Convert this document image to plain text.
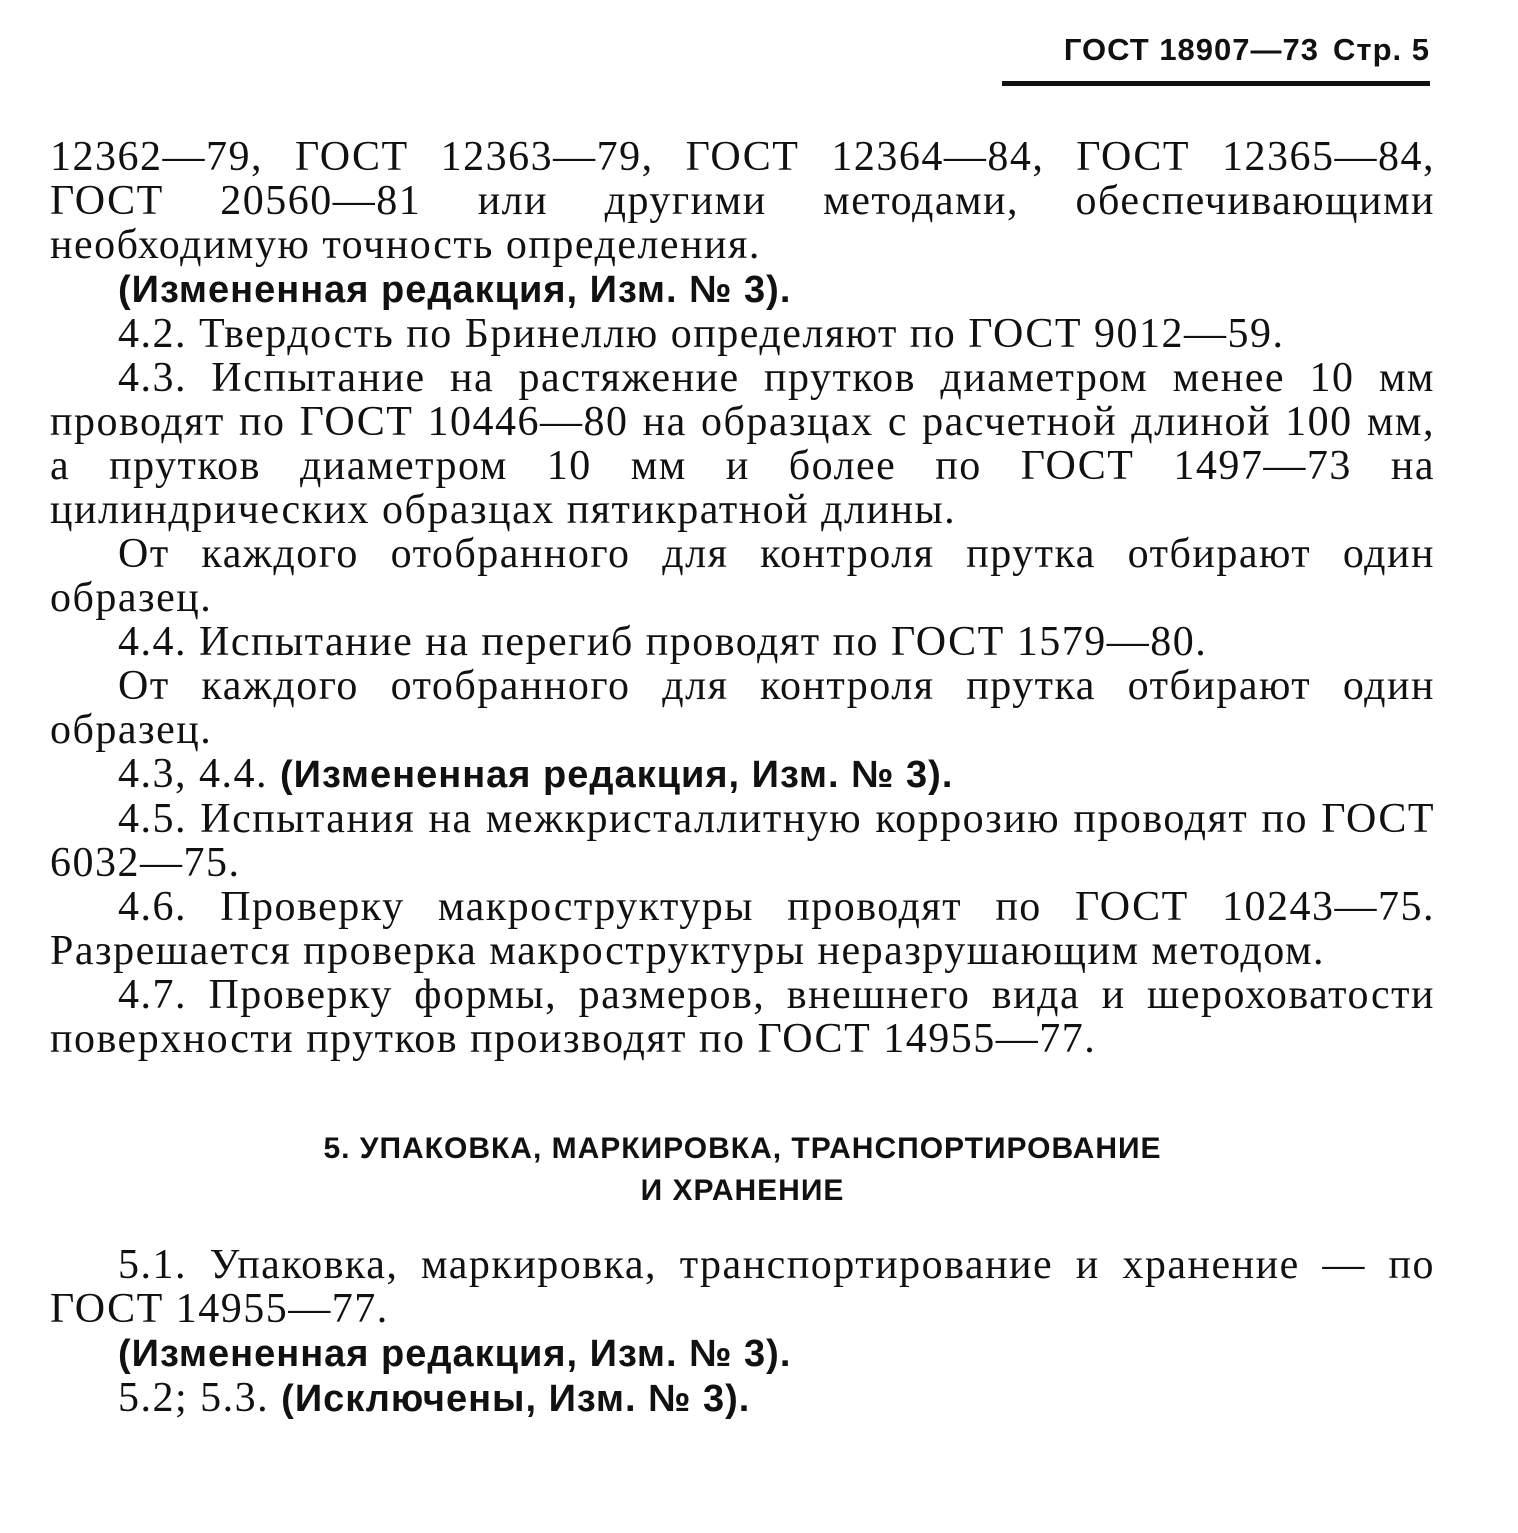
ГОСТ 18907—73 Стр. 5

12362—79, ГОСТ 12363—79, ГОСТ 12364—84, ГОСТ 12365—84, ГОСТ 20560—81 или другими методами, обеспечивающими необходимую точность определения.

(Измененная редакция, Изм. № 3).

4.2. Твердость по Бринеллю определяют по ГОСТ 9012—59.

4.3. Испытание на растяжение прутков диаметром менее 10 мм проводят по ГОСТ 10446—80 на образцах с расчетной длиной 100 мм, а прутков диаметром 10 мм и более по ГОСТ 1497—73 на цилиндрических образцах пятикратной длины.

От каждого отобранного для контроля прутка отбирают один образец.

4.4. Испытание на перегиб проводят по ГОСТ 1579—80.

От каждого отобранного для контроля прутка отбирают один образец.

4.3, 4.4. (Измененная редакция, Изм. № 3).

4.5. Испытания на межкристаллитную коррозию проводят по ГОСТ 6032—75.

4.6. Проверку макроструктуры проводят по ГОСТ 10243—75. Разрешается проверка макроструктуры неразрушающим методом.

4.7. Проверку формы, размеров, внешнего вида и шероховатости поверхности прутков производят по ГОСТ 14955—77.

5. УПАКОВКА, МАРКИРОВКА, ТРАНСПОРТИРОВАНИЕ
И ХРАНЕНИЕ

5.1. Упаковка, маркировка, транспортирование и хранение — по ГОСТ 14955—77.

(Измененная редакция, Изм. № 3).

5.2; 5.3. (Исключены, Изм. № 3).
